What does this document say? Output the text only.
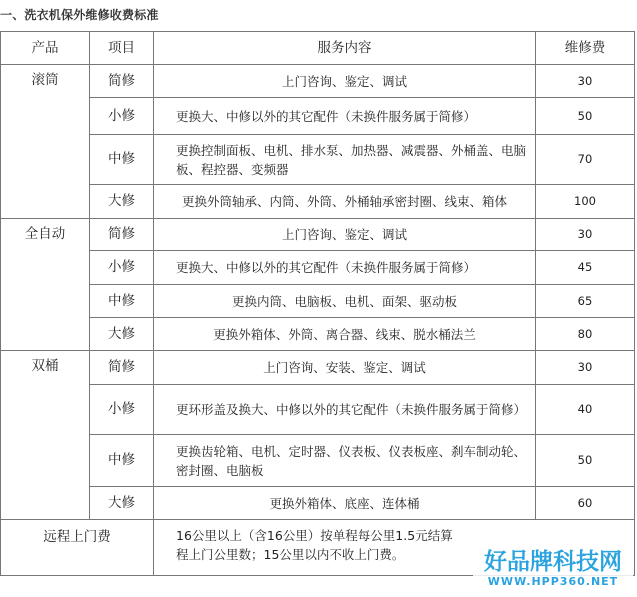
一、洗衣机保外维修收费标准
产品	项目	服务内容	维修费
滚筒	简修	上门咨询、鉴定、调试	30
	小修	更换大、中修以外的其它配件（未换件服务属于简修）	50
	中修	更换控制面板、电机、排水泵、加热器、减震器、外桶盖、电脑板、程控器、变频器	70
	大修	更换外筒轴承、内筒、外筒、外桶轴承密封圈、线束、箱体	100
全自动	简修	上门咨询、鉴定、调试	30
	小修	更换大、中修以外的其它配件（未换件服务属于简修）	45
	中修	更换内筒、电脑板、电机、面架、驱动板	65
	大修	更换外箱体、外筒、离合器、线束、脱水桶法兰	80
双桶	简修	上门咨询、安装、鉴定、调试	30
	小修	更环形盖及换大、中修以外的其它配件（未换件服务属于简修）	40
	中修	更换齿轮箱、电机、定时器、仪表板、仪表板座、刹车制动轮、密封圈、电脑板	50
	大修	更换外箱体、底座、连体桶	60
远程上门费		16公里以上（含16公里）按单程每公里1.5元结算程上门公里数；15公里以内不收上门费。		好品牌科技网
WWW.HPP360.NET
